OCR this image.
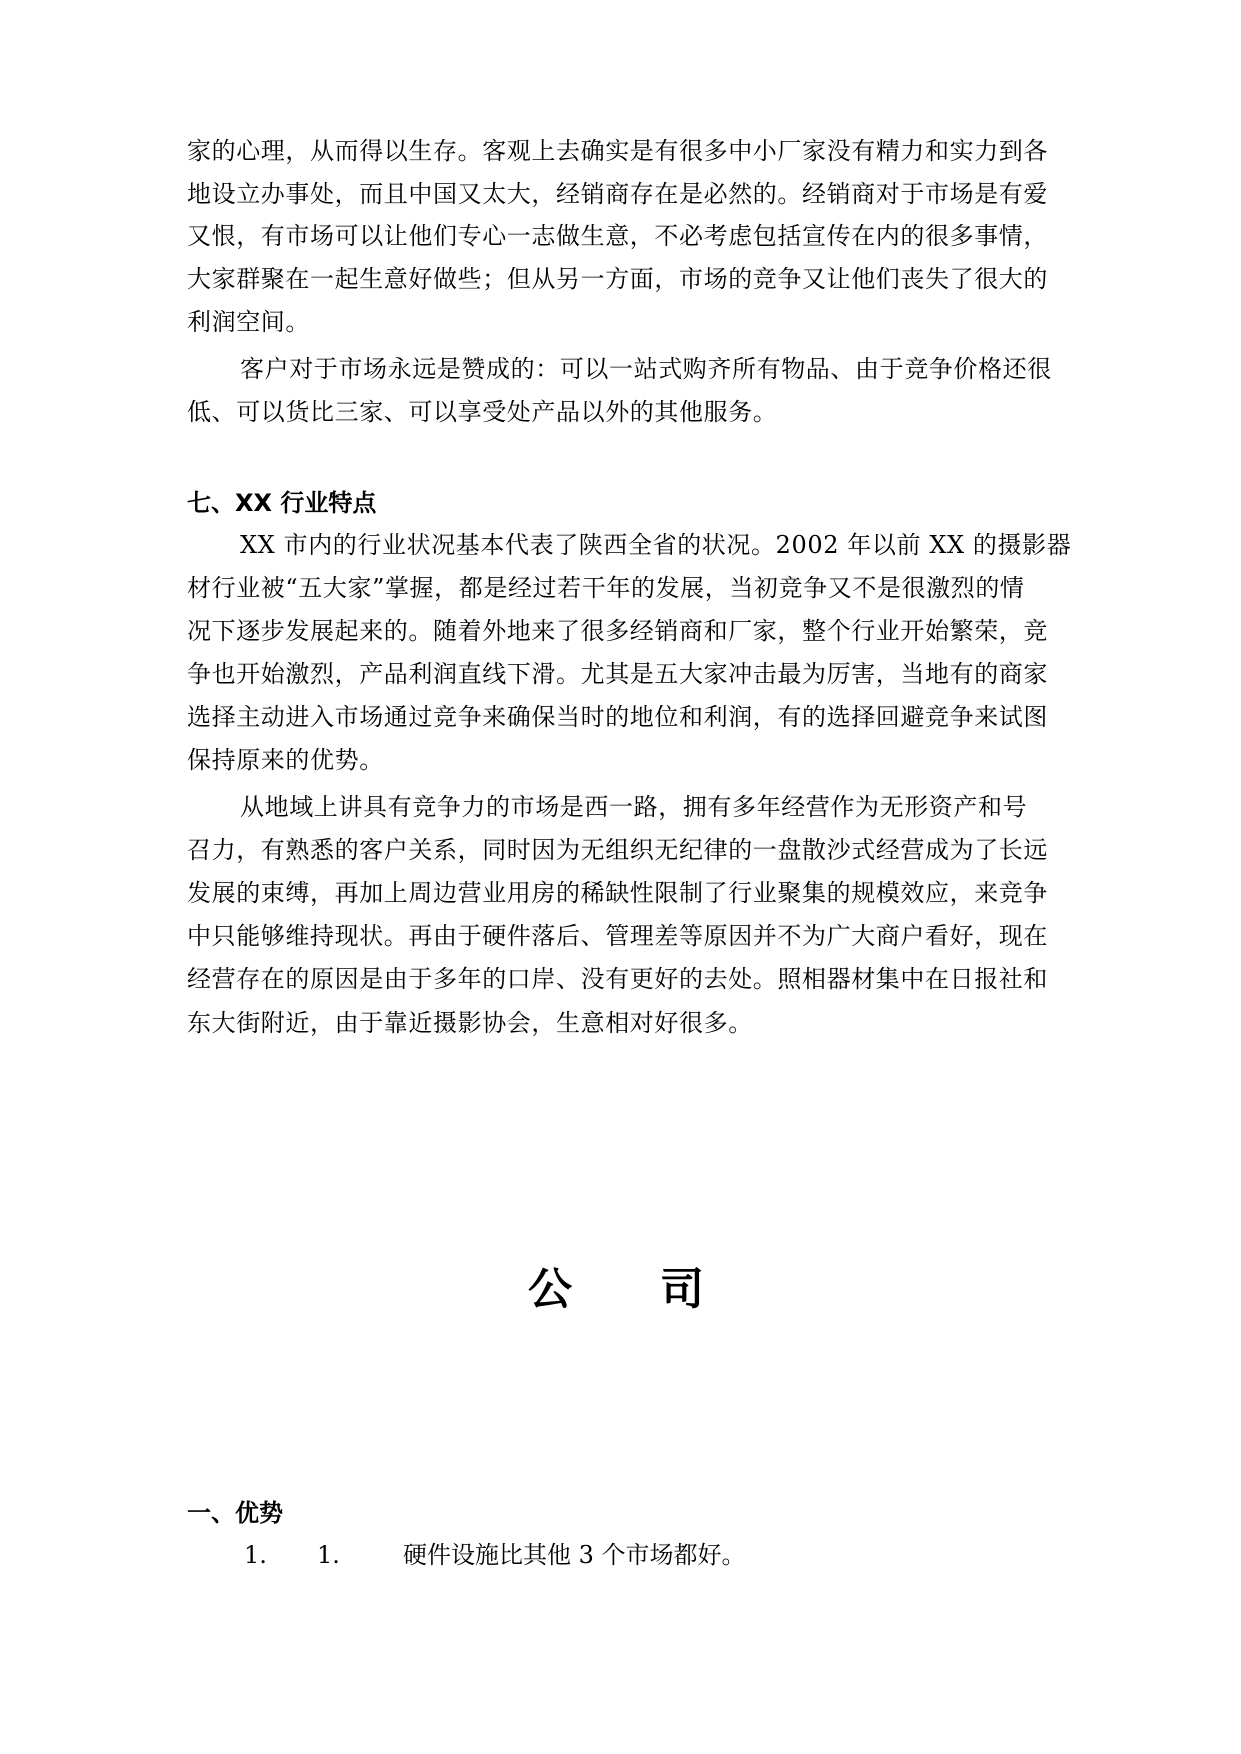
家的心理，从而得以生存。客观上去确实是有很多中小厂家没有精力和实力到各
地设立办事处，而且中国又太大，经销商存在是必然的。经销商对于市场是有爱
又恨，有市场可以让他们专心一志做生意，不必考虑包括宣传在内的很多事情，
大家群聚在一起生意好做些；但从另一方面，市场的竞争又让他们丧失了很大的
利润空间。
客户对于市场永远是赞成的：可以一站式购齐所有物品、由于竞争价格还很
低、可以货比三家、可以享受处产品以外的其他服务。
七、XX 行业特点
XX 市内的行业状况基本代表了陕西全省的状况。2002 年以前 XX 的摄影器
材行业被“五大家”掌握，都是经过若干年的发展，当初竞争又不是很激烈的情
况下逐步发展起来的。随着外地来了很多经销商和厂家，整个行业开始繁荣，竞
争也开始激烈，产品利润直线下滑。尤其是五大家冲击最为厉害，当地有的商家
选择主动进入市场通过竞争来确保当时的地位和利润，有的选择回避竞争来试图
保持原来的优势。
从地域上讲具有竞争力的市场是西一路，拥有多年经营作为无形资产和号
召力，有熟悉的客户关系，同时因为无组织无纪律的一盘散沙式经营成为了长远
发展的束缚，再加上周边营业用房的稀缺性限制了行业聚集的规模效应，来竞争
中只能够维持现状。再由于硬件落后、管理差等原因并不为广大商户看好，现在
经营存在的原因是由于多年的口岸、没有更好的去处。照相器材集中在日报社和
东大街附近，由于靠近摄影协会，生意相对好很多。
公 司
一、优势
1. 1.	硬件设施比其他 3 个市场都好。
